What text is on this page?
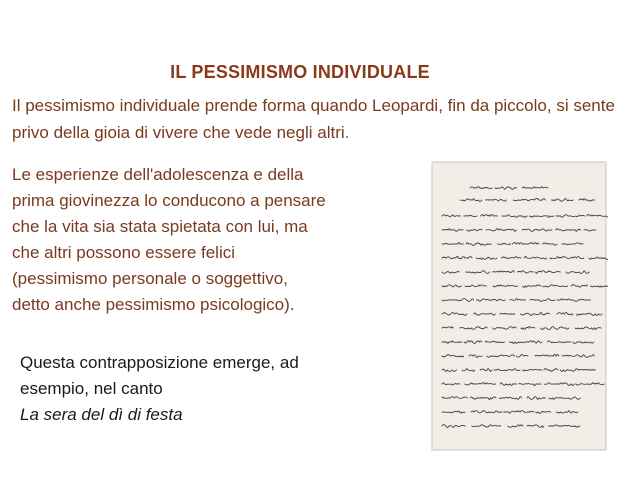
IL PESSIMISMO INDIVIDUALE
Il pessimismo individuale prende forma quando Leopardi, fin da piccolo, si sente privo della gioia di vivere che vede negli altri.
Le esperienze dell'adolescenza e della
prima giovinezza lo conducono a pensare
che la vita sia stata spietata con lui, ma
che altri possono essere felici
(pessimismo personale o soggettivo,
detto anche pessimismo psicologico).
Questa contrapposizione emerge, ad
esempio, nel canto
La sera del dì di festa
